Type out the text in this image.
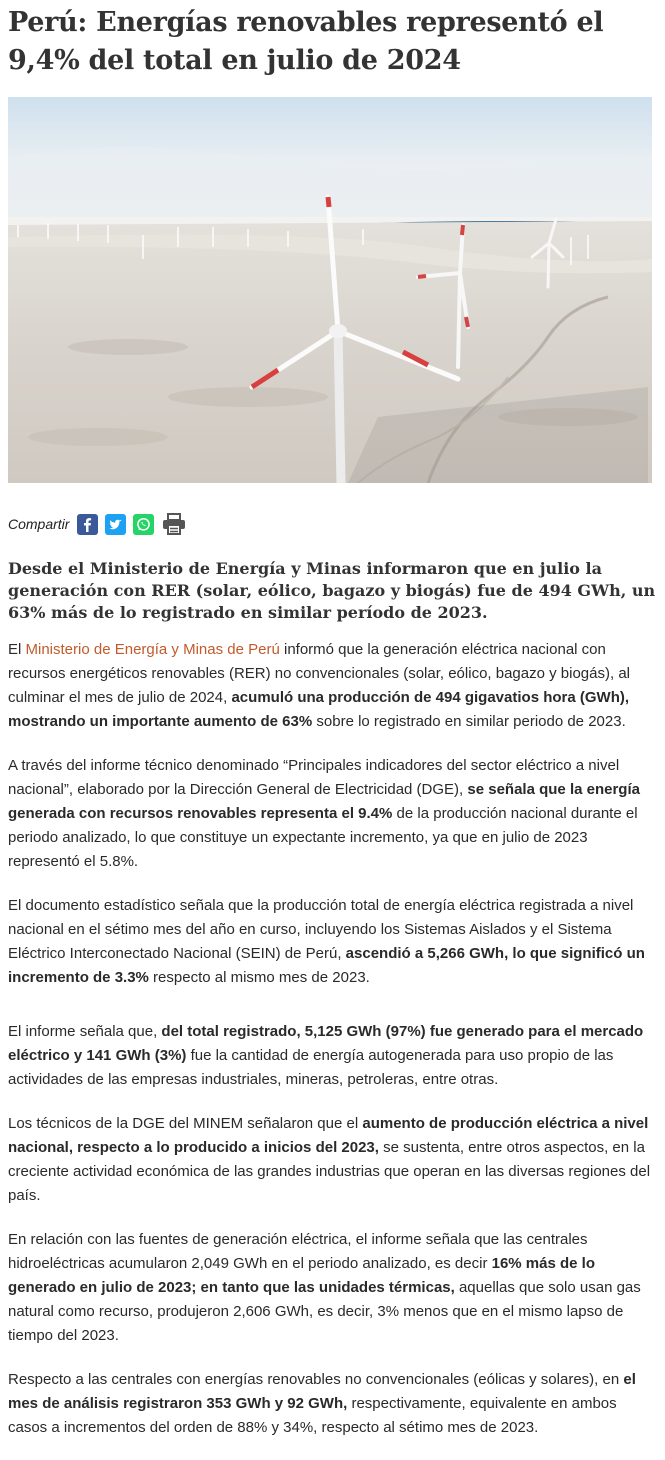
Perú: Energías renovables representó el
9,4% del total en julio de 2024
Compartir
Desde el Ministerio de Energía y Minas informaron que en julio la generación con RER (solar, eólico, bagazo y biogás) fue de 494 GWh, un 63% más de lo registrado en similar período de 2023.

El Ministerio de Energía y Minas de Perú informó que la generación eléctrica nacional con recursos energéticos renovables (RER) no convencionales (solar, eólico, bagazo y biogás), al culminar el mes de julio de 2024, acumuló una producción de 494 gigavatios hora (GWh), mostrando un importante aumento de 63% sobre lo registrado en similar periodo de 2023.

A través del informe técnico denominado “Principales indicadores del sector eléctrico a nivel nacional”, elaborado por la Dirección General de Electricidad (DGE), se señala que la energía generada con recursos renovables representa el 9.4% de la producción nacional durante el periodo analizado, lo que constituye un expectante incremento, ya que en julio de 2023 representó el 5.8%.

El documento estadístico señala que la producción total de energía eléctrica registrada a nivel nacional en el sétimo mes del año en curso, incluyendo los Sistemas Aislados y el Sistema Eléctrico Interconectado Nacional (SEIN) de Perú, ascendió a 5,266 GWh, lo que significó un incremento de 3.3% respecto al mismo mes de 2023.

El informe señala que, del total registrado, 5,125 GWh (97%) fue generado para el mercado eléctrico y 141 GWh (3%) fue la cantidad de energía autogenerada para uso propio de las actividades de las empresas industriales, mineras, petroleras, entre otras.

Los técnicos de la DGE del MINEM señalaron que el aumento de producción eléctrica a nivel nacional, respecto a lo producido a inicios del 2023, se sustenta, entre otros aspectos, en la creciente actividad económica de las grandes industrias que operan en las diversas regiones del país.

En relación con las fuentes de generación eléctrica, el informe señala que las centrales hidroeléctricas acumularon 2,049 GWh en el periodo analizado, es decir 16% más de lo generado en julio de 2023; en tanto que las unidades térmicas, aquellas que solo usan gas natural como recurso, produjeron 2,606 GWh, es decir, 3% menos que en el mismo lapso de tiempo del 2023.

Respecto a las centrales con energías renovables no convencionales (eólicas y solares), en el mes de análisis registraron 353 GWh y 92 GWh, respectivamente, equivalente en ambos casos a incrementos del orden de 88% y 34%, respecto al sétimo mes de 2023.
